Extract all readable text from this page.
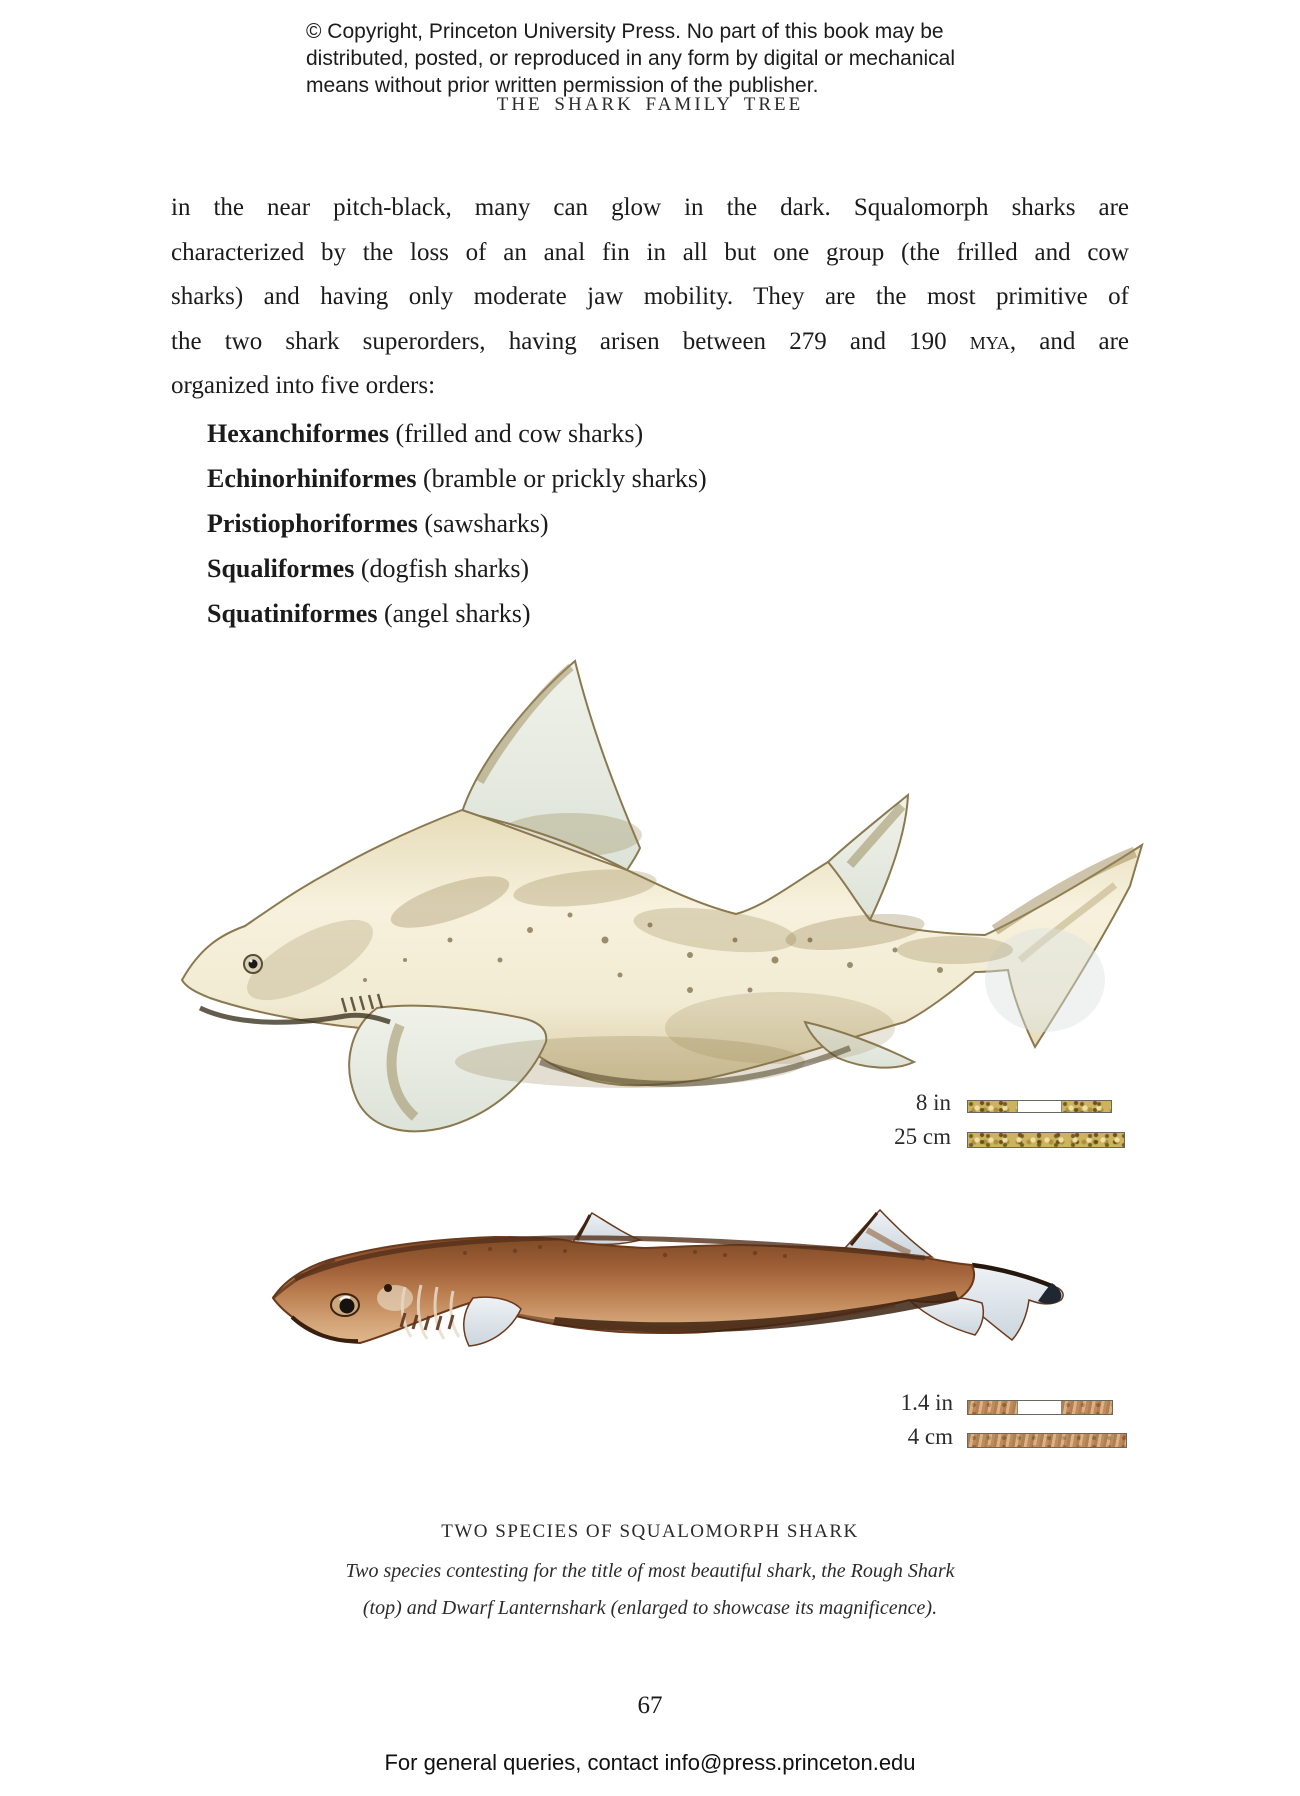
© Copyright, Princeton University Press. No part of this book may be
distributed, posted, or reproduced in any form by digital or mechanical
means without prior written permission of the publisher.
THE SHARK FAMILY TREE
in the near pitch-black, many can glow in the dark. Squalomorph sharks are
characterized by the loss of an anal fin in all but one group (the frilled and cow
sharks) and having only moderate jaw mobility. They are the most primitive of
the two shark superorders, having arisen between 279 and 190 mya, and are
organized into five orders:
Hexanchiformes (frilled and cow sharks)
Echinorhiniformes (bramble or prickly sharks)
Pristiophoriformes (sawsharks)
Squaliformes (dogfish sharks)
Squatiniformes (angel sharks)
8 in
25 cm
1.4 in
4 cm
TWO SPECIES OF SQUALOMORPH SHARK
Two species contesting for the title of most beautiful shark, the Rough Shark
(top) and Dwarf Lanternshark (enlarged to showcase its magnificence).
67
For general queries, contact info@press.princeton.edu
